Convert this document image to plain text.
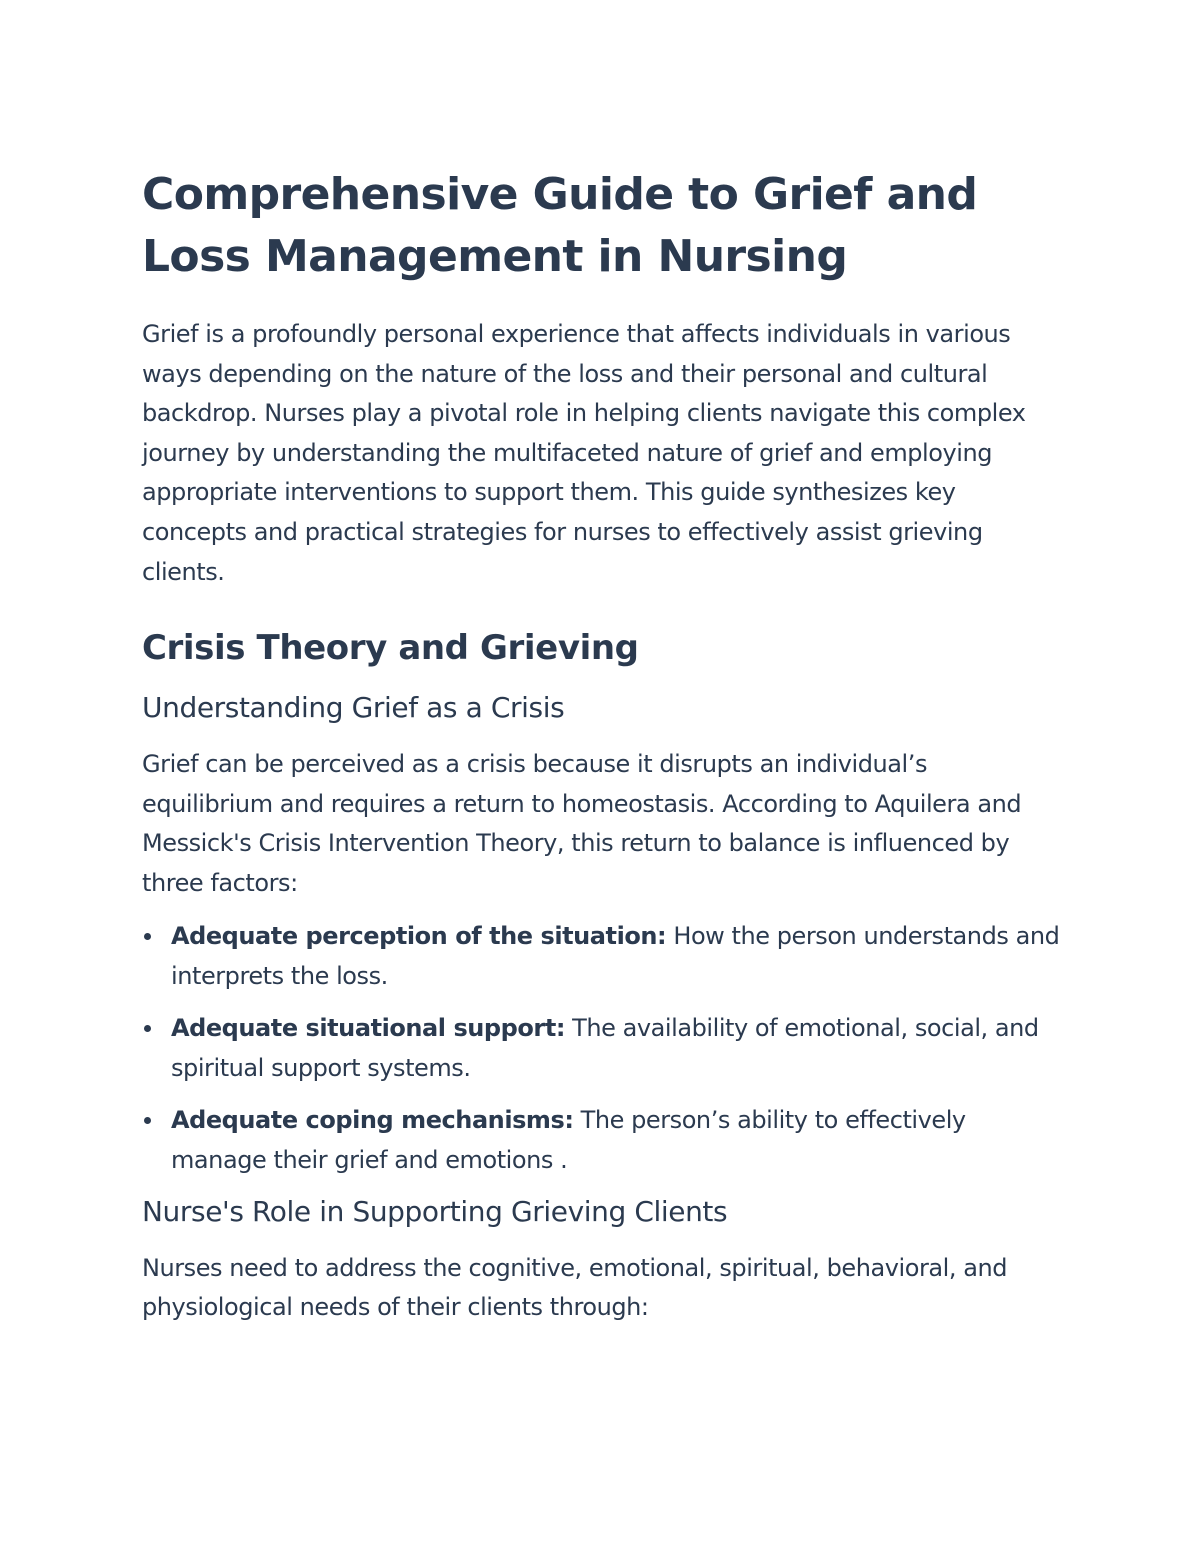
Comprehensive Guide to Grief and Loss Management in Nursing

Grief is a profoundly personal experience that affects individuals in various ways depending on the nature of the loss and their personal and cultural backdrop. Nurses play a pivotal role in helping clients navigate this complex journey by understanding the multifaceted nature of grief and employing appropriate interventions to support them. This guide synthesizes key concepts and practical strategies for nurses to effectively assist grieving clients.

Crisis Theory and Grieving
Understanding Grief as a Crisis

Grief can be perceived as a crisis because it disrupts an individual’s equilibrium and requires a return to homeostasis. According to Aquilera and Messick's Crisis Intervention Theory, this return to balance is influenced by three factors:

Adequate perception of the situation: How the person understands and interprets the loss.
Adequate situational support: The availability of emotional, social, and spiritual support systems.
Adequate coping mechanisms: The person’s ability to effectively manage their grief and emotions .
Nurse's Role in Supporting Grieving Clients

Nurses need to address the cognitive, emotional, spiritual, behavioral, and physiological needs of their clients through:
